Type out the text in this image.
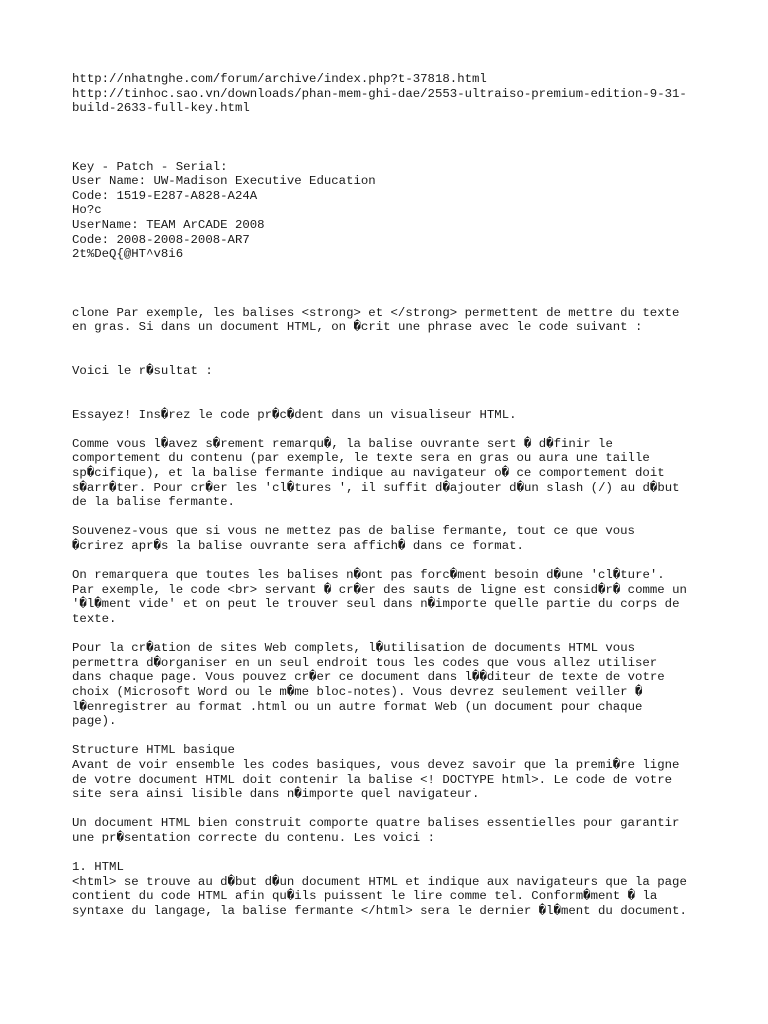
http://nhatnghe.com/forum/archive/index.php?t-37818.html
http://tinhoc.sao.vn/downloads/phan-mem-ghi-dae/2553-ultraiso-premium-edition-9-31-
build-2633-full-key.html
Key - Patch - Serial:
User Name: UW-Madison Executive Education
Code: 1519-E287-A828-A24A
Ho?c
UserName: TEAM ArCADE 2008
Code: 2008-2008-2008-AR7
2t%DeQ{@HT^v8i6
clone Par exemple, les balises <strong> et </strong> permettent de mettre du texte
en gras. Si dans un document HTML, on �crit une phrase avec le code suivant :
Voici le r�sultat :
Essayez! Ins�rez le code pr�c�dent dans un visualiseur HTML.
Comme vous l�avez s�rement remarqu�, la balise ouvrante sert � d�finir le
comportement du contenu (par exemple, le texte sera en gras ou aura une taille
sp�cifique), et la balise fermante indique au navigateur o� ce comportement doit
s�arr�ter. Pour cr�er les 'cl�tures ', il suffit d�ajouter d�un slash (/) au d�but
de la balise fermante.
Souvenez-vous que si vous ne mettez pas de balise fermante, tout ce que vous
�crirez apr�s la balise ouvrante sera affich� dans ce format.
On remarquera que toutes les balises n�ont pas forc�ment besoin d�une 'cl�ture'.
Par exemple, le code <br> servant � cr�er des sauts de ligne est consid�r� comme un
'�l�ment vide' et on peut le trouver seul dans n�importe quelle partie du corps de
texte.
Pour la cr�ation de sites Web complets, l�utilisation de documents HTML vous
permettra d�organiser en un seul endroit tous les codes que vous allez utiliser
dans chaque page. Vous pouvez cr�er ce document dans l��diteur de texte de votre
choix (Microsoft Word ou le m�me bloc-notes). Vous devrez seulement veiller �
l�enregistrer au format .html ou un autre format Web (un document pour chaque
page).
Structure HTML basique
Avant de voir ensemble les codes basiques, vous devez savoir que la premi�re ligne
de votre document HTML doit contenir la balise <! DOCTYPE html>. Le code de votre
site sera ainsi lisible dans n�importe quel navigateur.
Un document HTML bien construit comporte quatre balises essentielles pour garantir
une pr�sentation correcte du contenu. Les voici :
1. HTML
<html> se trouve au d�but d�un document HTML et indique aux navigateurs que la page
contient du code HTML afin qu�ils puissent le lire comme tel. Conform�ment � la
syntaxe du langage, la balise fermante </html> sera le dernier �l�ment du document.
